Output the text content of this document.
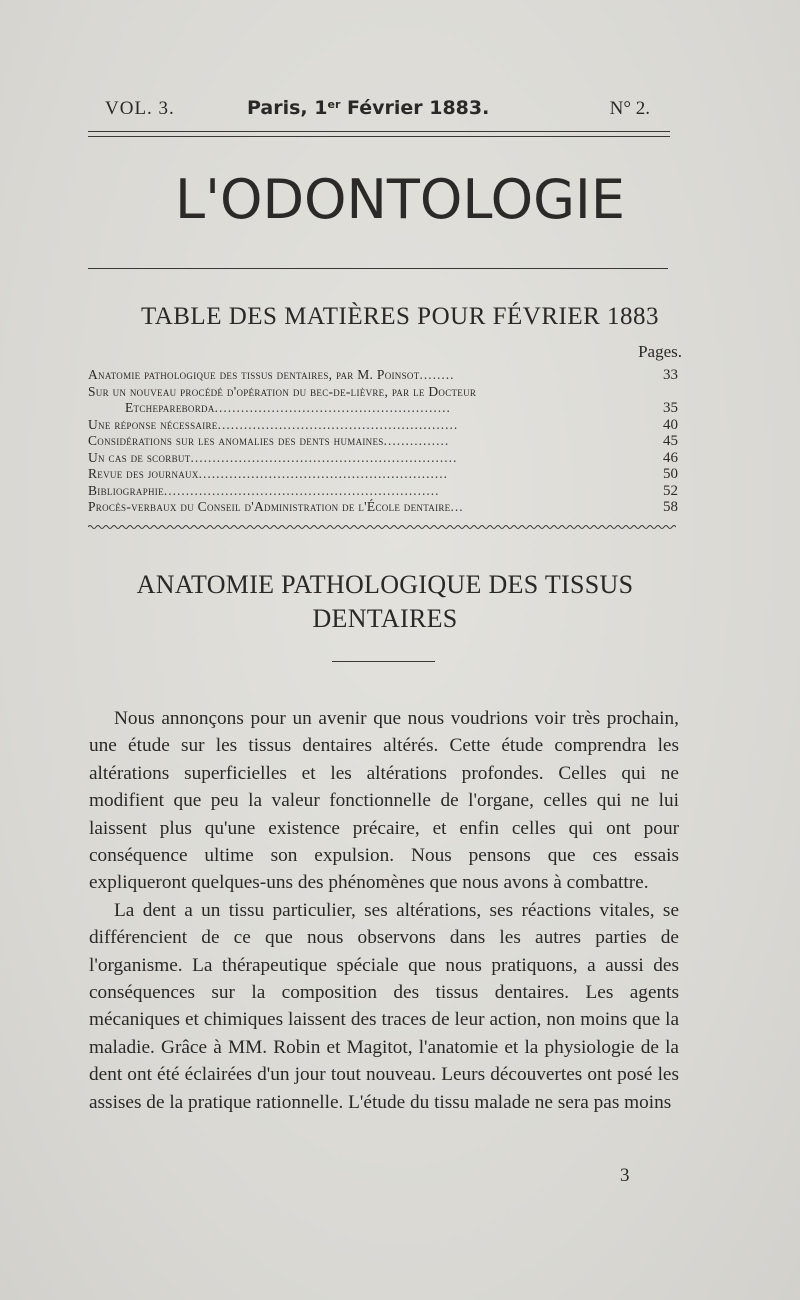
VOL. 3.	Paris, 1er Février 1883.	N° 2.
L'ODONTOLOGIE
TABLE DES MATIÈRES POUR FÉVRIER 1883
Pages.
Anatomie pathologique des tissus dentaires, par M. Poinsot........	33
Sur un nouveau procédé d'opération du bec-de-lièvre, par le Docteur
Etchepareborda......................................................	35
Une réponse nécessaire.......................................................	40
Considérations sur les anomalies des dents humaines...............	45
Un cas de scorbut.............................................................	46
Revue des journaux.........................................................	50
Bibliographie...............................................................	52
Procès-verbaux du Conseil d'Administration de l'École dentaire...	58
ANATOMIE PATHOLOGIQUE DES TISSUS
DENTAIRES

Nous annonçons pour un avenir que nous voudrions voir très prochain, une étude sur les tissus dentaires altérés. Cette étude comprendra les altérations superficielles et les altérations profondes. Celles qui ne modifient que peu la valeur fonctionnelle de l'organe, celles qui ne lui laissent plus qu'une existence précaire, et enfin celles qui ont pour conséquence ultime son expulsion. Nous pensons que ces essais expliqueront quelques-uns des phénomènes que nous avons à combattre.

La dent a un tissu particulier, ses altérations, ses réactions vitales, se différencient de ce que nous observons dans les autres parties de l'organisme. La thérapeutique spéciale que nous pratiquons, a aussi des conséquences sur la composition des tissus dentaires. Les agents mécaniques et chimiques laissent des traces de leur action, non moins que la maladie. Grâce à MM. Robin et Magitot, l'anatomie et la physiologie de la dent ont été éclairées d'un jour tout nouveau. Leurs découvertes ont posé les assises de la pratique rationnelle. L'étude du tissu malade ne sera pas moins

3
